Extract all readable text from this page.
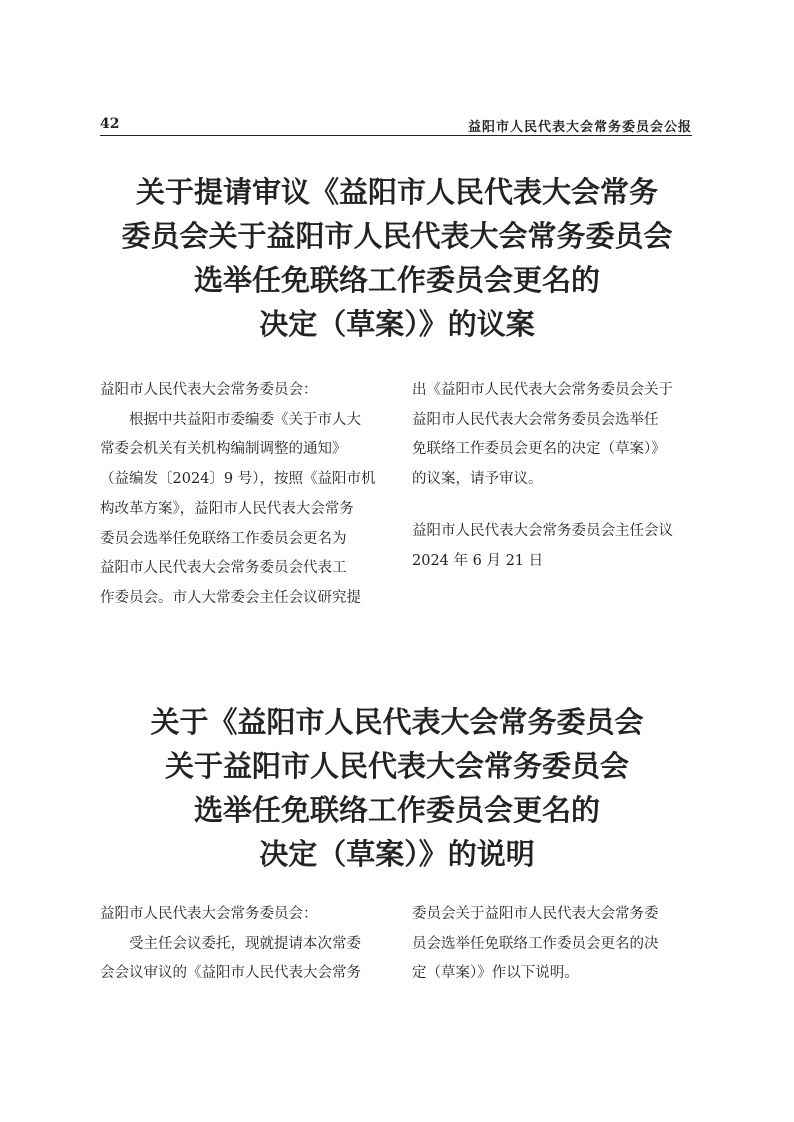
42	益阳市人民代表大会常务委员会公报
关于提请审议《益阳市人民代表大会常务
委员会关于益阳市人民代表大会常务委员会
选举任免联络工作委员会更名的
决定（草案）》的议案

益阳市人民代表大会常务委员会：

根据中共益阳市委编委《关于市人大

常委会机关有关机构编制调整的通知》

（益编发〔2024〕9 号），按照《益阳市机

构改革方案》，益阳市人民代表大会常务

委员会选举任免联络工作委员会更名为

益阳市人民代表大会常务委员会代表工

作委员会。市人大常委会主任会议研究提

出《益阳市人民代表大会常务委员会关于

益阳市人民代表大会常务委员会选举任

免联络工作委员会更名的决定（草案）》

的议案，请予审议。

益阳市人民代表大会常务委员会主任会议

2024 年 6 月 21 日

关于《益阳市人民代表大会常务委员会
关于益阳市人民代表大会常务委员会
选举任免联络工作委员会更名的
决定（草案）》的说明

益阳市人民代表大会常务委员会：

受主任会议委托，现就提请本次常委

会会议审议的《益阳市人民代表大会常务

委员会关于益阳市人民代表大会常务委

员会选举任免联络工作委员会更名的决

定（草案）》作以下说明。
